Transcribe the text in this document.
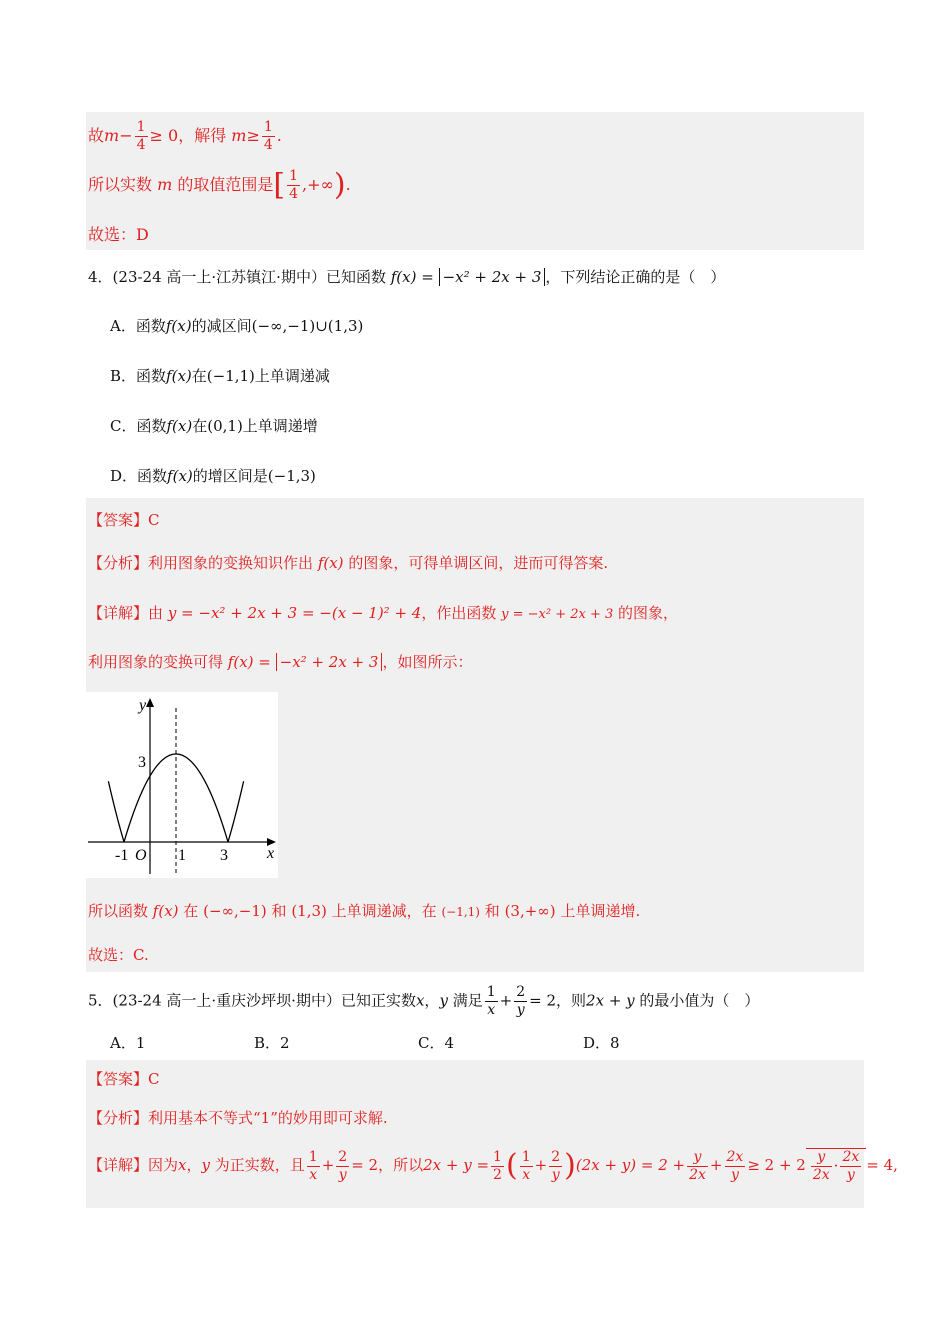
故$m- \frac{1}{4} \ge 0$，解得 $m\ge \frac{1}{4}$ .
所以实数 m 的取值范围是[ $\frac{1}{4}$ ,+∞).
故选：D
4．(23-24 高一上·江苏镇江·期中）已知函数 f(x) = −x² + 2x + 3 ，下列结论正确的是（　）
A．函数f(x)的减区间(−∞,−1)∪(1,3)
B．函数f(x)在(−1,1)上单调递减
C．函数f(x)在(0,1)上单调递增
D．函数f(x)的增区间是(−1,3)
【答案】C
【分析】利用图象的变换知识作出 f(x) 的图象，可得单调区间，进而可得答案.
【详解】由 y = −x² + 2x + 3 = −(x − 1)² + 4，作出函数 y = −x² + 2x + 3 的图象，
利用图象的变换可得 f(x) = −x² + 2x + 3 ，如图所示：
y
x
3
-1 O 1 3
所以函数 f(x) 在 (−∞,−1) 和 (1,3) 上单调递减，在 (−1,1) 和 (3,+∞) 上单调递增.
故选：C.
5．(23-24 高一上·重庆沙坪坝·期中）已知正实数x，y 满足 $\frac{1}{x} + \frac{2}{y} = 2$，则2x + y 的最小值为（　）
A．1	B．2	C．4	D．8
【答案】C
【分析】利用基本不等式“1”的妙用即可求解.
【详解】因为x，y 为正实数，且 $\frac{1}{x} + \frac{2}{y} = 2$，所以$2x + y = \frac{1}{2}$ ( $\frac{1}{x} + \frac{2}{y} )(2x + y) = 2 + \frac{y}{2x} + \frac{2x}{y} \ge 2 + 2 \frac{y}{2x} \cdot \frac{2x}{y} = 4$,
